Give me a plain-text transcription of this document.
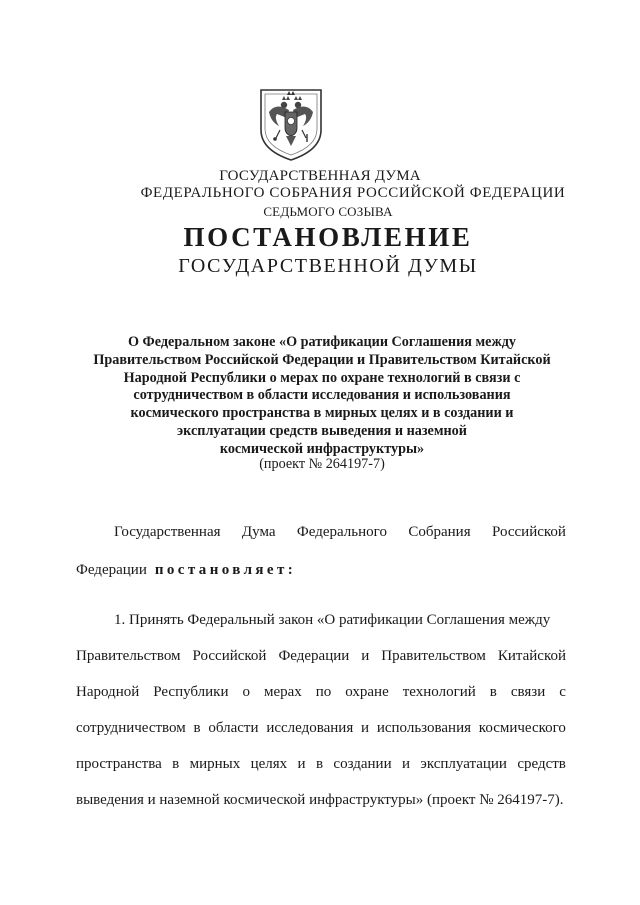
ГОСУДАРСТВЕННАЯ ДУМА
ФЕДЕРАЛЬНОГО СОБРАНИЯ РОССИЙСКОЙ ФЕДЕРАЦИИ
СЕДЬМОГО СОЗЫВА
ПОСТАНОВЛЕНИЕ
ГОСУДАРСТВЕННОЙ ДУМЫ
О Федеральном законе «О ратификации Соглашения между
Правительством Российской Федерации и Правительством Китайской
Народной Республики о мерах по охране технологий в связи с
сотрудничеством в области исследования и использования
космического пространства в мирных целях и в создании и
эксплуатации средств выведения и наземной
космической инфраструктуры»
(проект № 264197-7)
Государственная Дума Федерального Собрания Российской
Федерации постановляет:
1. Принять Федеральный закон «О ратификации Соглашения между
Правительством Российской Федерации и Правительством Китайской
Народной Республики о мерах по охране технологий в связи с
сотрудничеством в области исследования и использования космического
пространства в мирных целях и в создании и эксплуатации средств
выведения и наземной космической инфраструктуры» (проект № 264197-7).
